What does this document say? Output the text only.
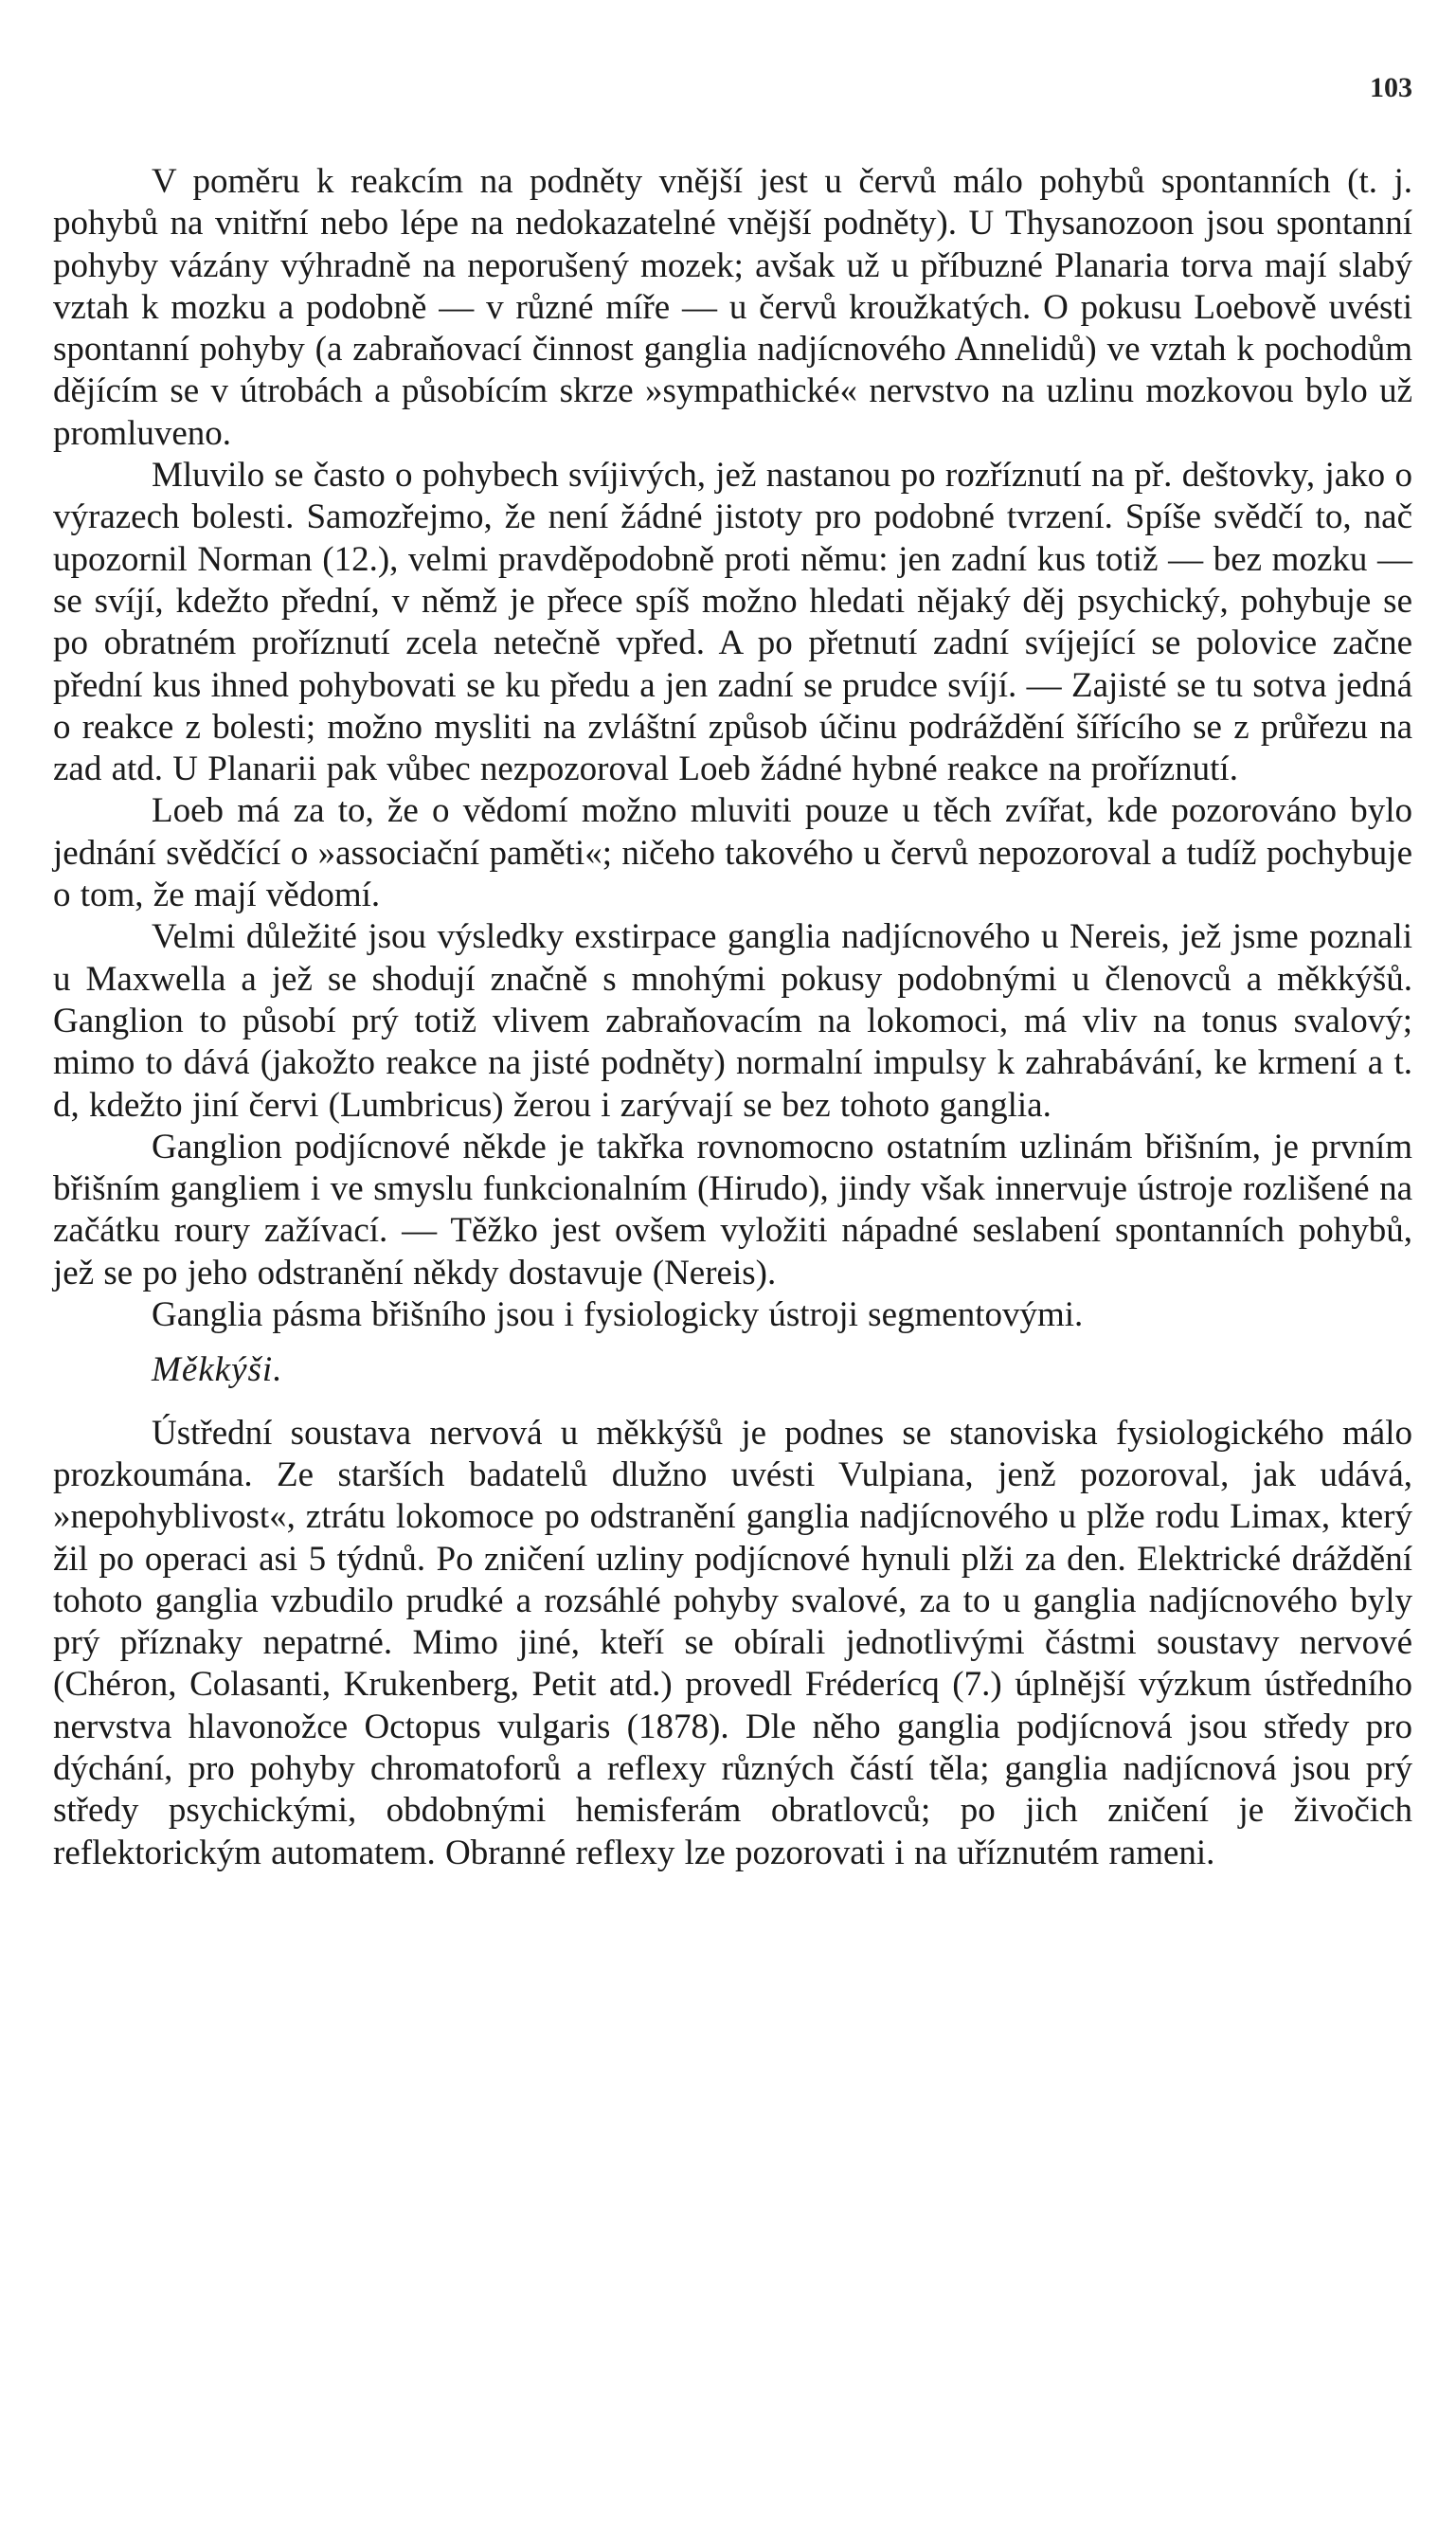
103

V poměru k reakcím na podněty vnější jest u červů málo pohybů spontanních (t. j. pohybů na vnitřní nebo lépe na nedokazatelné vnější podněty). U Thysanozoon jsou spontanní pohyby vázány výhradně na neporušený mozek; avšak už u příbuzné Planaria torva mají slabý vztah k mozku a podobně — v různé míře — u červů kroužkatých. O pokusu Loebově uvésti spontanní pohyby (a zabraňovací činnost ganglia nadjícnového Annelidů) ve vztah k pochodům dějícím se v útrobách a působícím skrze »sympathické« nervstvo na uzlinu mozkovou bylo už promluveno.

Mluvilo se často o pohybech svíjivých, jež nastanou po rozříznutí na př. deštovky, jako o výrazech bolesti. Samozřejmo, že není žádné jistoty pro podobné tvrzení. Spíše svědčí to, nač upozornil Norman (12.), velmi pravděpodobně proti němu: jen zadní kus totiž — bez mozku — se svíjí, kdežto přední, v němž je přece spíš možno hledati nějaký děj psychický, pohybuje se po obratném proříznutí zcela netečně vpřed. A po přetnutí zadní svíjející se polovice začne přední kus ihned pohybovati se ku předu a jen zadní se prudce svíjí. — Zajisté se tu sotva jedná o reakce z bolesti; možno mysliti na zvláštní způsob účinu podráždění šířícího se z průřezu na zad atd. U Planarii pak vůbec nezpozoroval Loeb žádné hybné reakce na proříznutí.

Loeb má za to, že o vědomí možno mluviti pouze u těch zvířat, kde pozorováno bylo jednání svědčící o »associační paměti«; ničeho takového u červů nepozoroval a tudíž pochybuje o tom, že mají vědomí.

Velmi důležité jsou výsledky exstirpace ganglia nadjícnového u Nereis, jež jsme poznali u Maxwella a jež se shodují značně s mnohými pokusy podobnými u členovců a měkkýšů. Ganglion to působí prý totiž vlivem zabraňovacím na lokomoci, má vliv na tonus svalový; mimo to dává (jakožto reakce na jisté podněty) normalní impulsy k zahrabávání, ke krmení a t. d, kdežto jiní červi (Lumbricus) žerou i zarývají se bez tohoto ganglia.

Ganglion podjícnové někde je takřka rovnomocno ostatním uzlinám břišním, je prvním břišním gangliem i ve smyslu funkcionalním (Hirudo), jindy však innervuje ústroje rozlišené na začátku roury zažívací. — Těžko jest ovšem vyložiti nápadné seslabení spontanních pohybů, jež se po jeho odstranění někdy dostavuje (Nereis).

Ganglia pásma břišního jsou i fysiologicky ústroji segmentovými.

Měkkýši.

Ústřední soustava nervová u měkkýšů je podnes se stanoviska fysiologického málo prozkoumána. Ze starších badatelů dlužno uvésti Vulpiana, jenž pozoroval, jak udává, »nepohyblivost«, ztrátu lokomoce po odstranění ganglia nadjícnového u plže rodu Limax, který žil po operaci asi 5 týdnů. Po zničení uzliny podjícnové hynuli plži za den. Elektrické dráždění tohoto ganglia vzbudilo prudké a rozsáhlé pohyby svalové, za to u ganglia nadjícnového byly prý příznaky nepatrné. Mimo jiné, kteří se obírali jednotlivými částmi soustavy nervové (Chéron, Colasanti, Krukenberg, Petit atd.) provedl Fréderícq (7.) úplnější výzkum ústředního nervstva hlavonožce Octopus vulgaris (1878). Dle něho ganglia podjícnová jsou středy pro dýchání, pro pohyby chromatoforů a reflexy různých částí těla; ganglia nadjícnová jsou prý středy psychickými, obdobnými hemisferám obratlovců; po jich zničení je živočich reflektorickým automatem. Obranné reflexy lze pozorovati i na uříznutém rameni.
